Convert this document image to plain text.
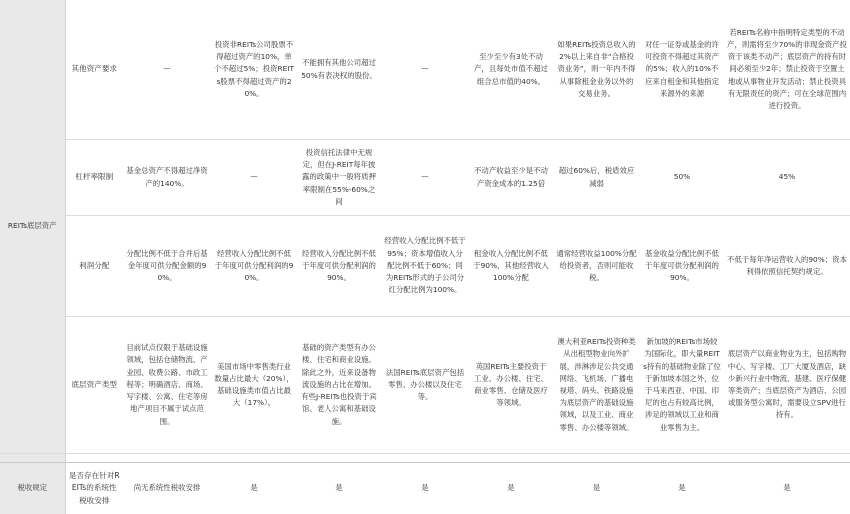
REITs底层资产	其他资产要求	—	投资非REITs公司股票不得超过资产的10%，单个不超过5%；投资REITs股票不得超过资产的20%。	不能拥有其他公司超过50%有表决权的股份。	—	至少至少有3处不动产，且每处市值不超过组合总市值的40%。	如果REITs投资总收入的2%以上来自非“合格投资业务”，则一年内不得从事除租金业务以外的交易业务。	对任一证券或基金的许可投资不得超过其资产的5%；收入的10%不应来自租金和其他指定来源外的来源	若REITs名称中指明特定类型的不动产，则需将至少70%的非现金资产投资于该类不动产；底层资产的持有时间必须至少2年；禁止投资于空置土地或从事物业开发活动；禁止投资具有无限责任的资产；可在全球范围内进行投资。
	杠杆率限制	基金总资产不得超过净资产的140%。	—	投资信托法律中无规定，但在J-REIT每年披露的政策中一般将质押率限制在55%-60%之间	—	不动产收益至少是不动产资金成本的1.25倍	超过60%后，税盾效应减弱	50%	45%
	利润分配	分配比例不低于合并后基金年度可供分配金额的90%。	经营收入分配比例不低于年度可供分配利润的90%。	经营收入分配比例不低于年度可供分配利润的90%。	经营收入分配比例不低于95%；资本增值收入分配比例不低于60%；同为REITs形式的子公司分红分配比例为100%。	租金收入分配比例不低于90%，其他经营收入100%分配	通常经营收益100%分配给投资者，否则可能收税。	基金收益分配比例不低于年度可供分配利润的90%。	不低于每年净运营收入的90%；资本利得依照信托契约规定。
	底层资产类型	目前试点仅限于基础设施领域，包括仓储物流、产业园、收费公路、市政工程等；明确酒店、商场、写字楼、公寓、住宅等房地产项目不属于试点范围。	美国市场中零售类行业数量占比最大（20%），基础设施类市值占比最大（17%）。	基础的资产类型有办公楼、住宅和商业设施。除此之外，近来设备物流设施的占比在增加。有些J-REITs也投资于宾馆、老人公寓和基础设施。	法国REITs底层资产包括零售、办公楼以及住宅等。	英国REITs主要投资于工业、办公楼、住宅、商业零售、仓储及医疗等领域。	澳大利亚REITs投资种类从出租型物业向外扩展，涉淋涉足公共交通网络、飞机场、广播电视塔、码头、铁路设施为底层资产的基础设施领域，以及工业、商业零售、办公楼等领域。	新加坡的REITs市场较为国际化，即大量REITs持有的基础物业除了位于新加坡本国之外，位于马来西亚、中国、印尼的也占有较高比例，涉足的领域以工业和商业零售为主。	底层资产以商业物业为主，包括购物中心、写字楼、工厂大厦及酒店，缺少新兴行业中物流、基建、医疗保健等类资产；当底层资产为酒店、公园或服务型公寓时，需要设立SPV进行持有。

税收规定	是否存在针对REITs的系统性税收安排	尚无系统性税收安排	是	是	是	是	是	是	是
